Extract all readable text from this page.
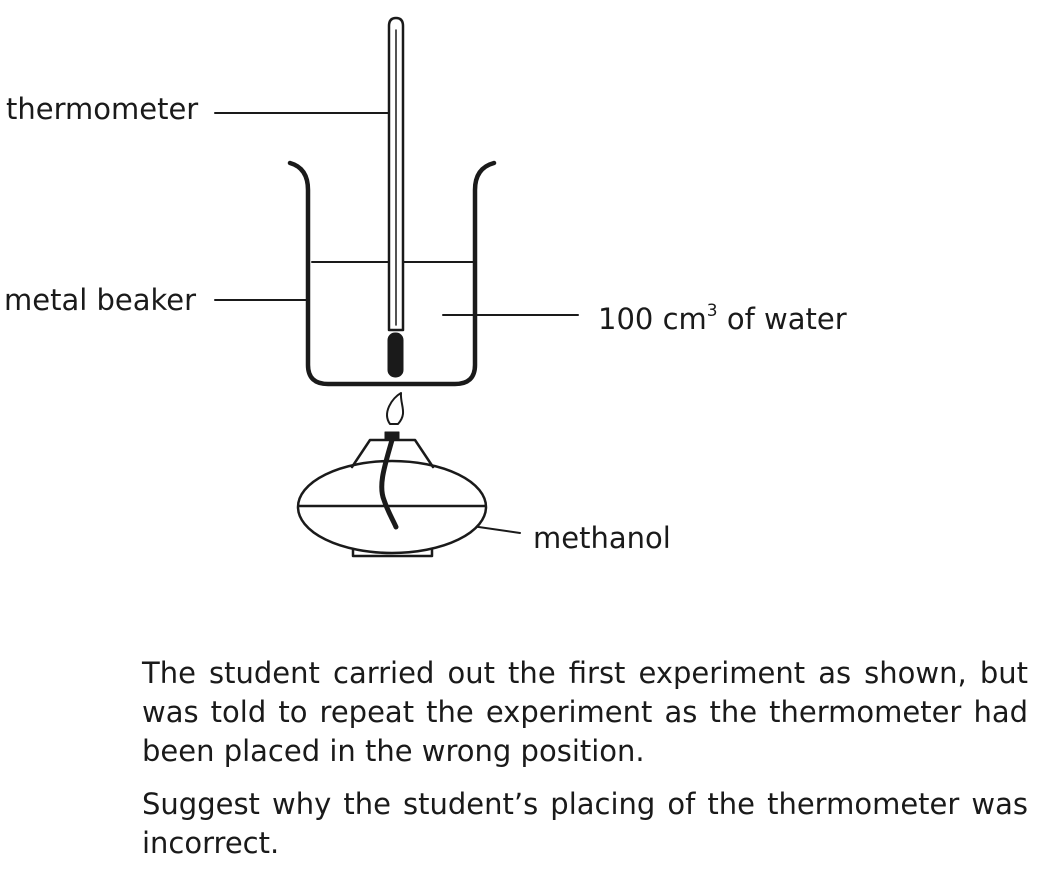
thermometer
metal beaker
100 $cm^3$ of water
methanol

The student carried out the first experiment as shown, but was told to repeat the experiment as the thermometer had been placed in the wrong position.

Suggest why the student’s placing of the thermometer was incorrect.
